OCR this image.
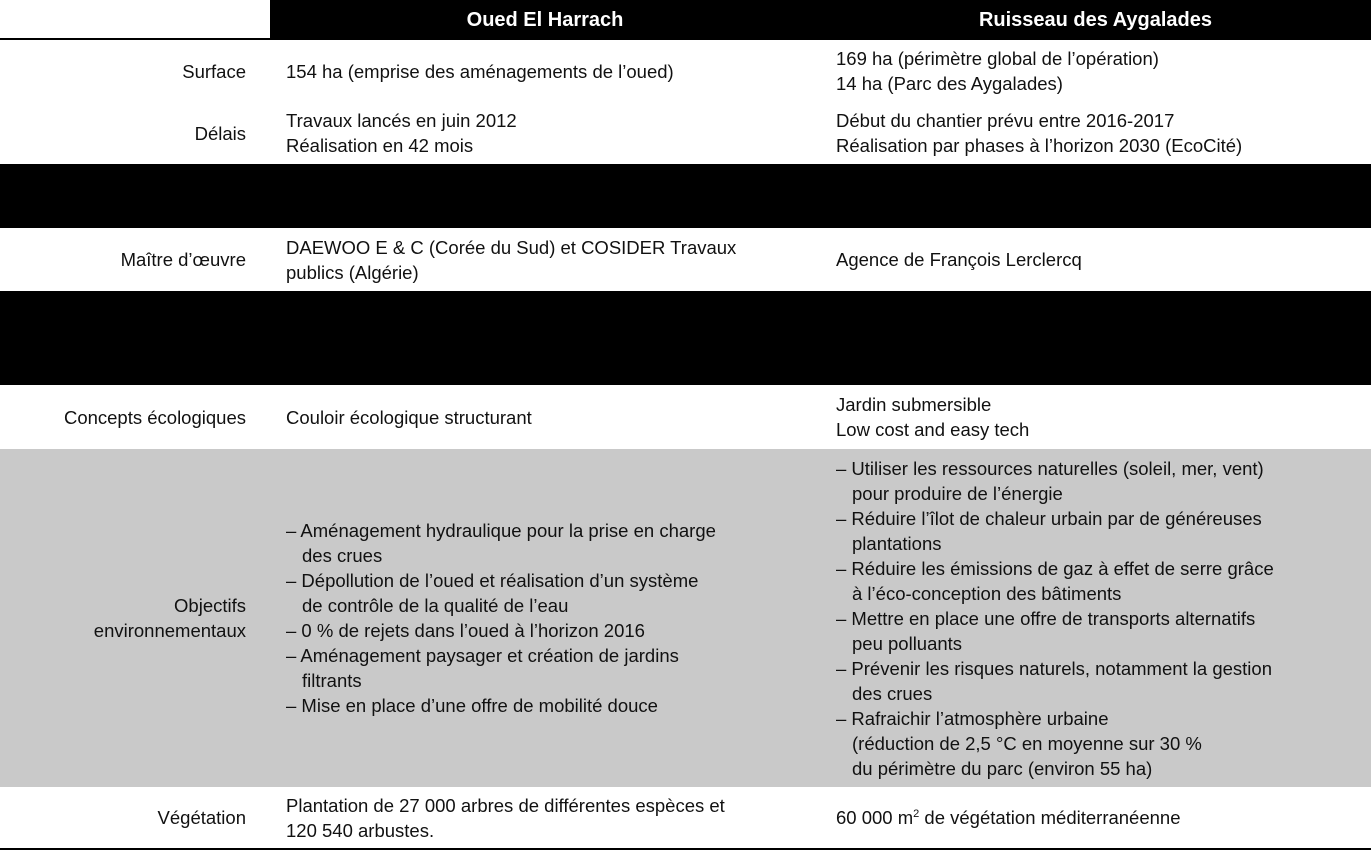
Oued El Harrach	Ruisseau des Aygalades
Surface 154 ha (emprise des aménagements de l’oued)
169 ha (périmètre global de l’opération)
14 ha (Parc des Aygalades)
Délais
Travaux lancés en juin 2012
Réalisation en 42 mois
Début du chantier prévu entre 2016-2017
Réalisation par phases à l’horizon 2030 (EcoCité)
Maître d’œuvre
DAEWOO E & C (Corée du Sud) et COSIDER Travaux
publics (Algérie)
Agence de François Lerclercq
Concepts écologiques Couloir écologique structurant
Jardin submersible
Low cost and easy tech
Objectifs
environnementaux
– Aménagement hydraulique pour la prise en charge
des crues
– Dépollution de l’oued et réalisation d’un système
de contrôle de la qualité de l’eau
– 0 % de rejets dans l’oued à l’horizon 2016
– Aménagement paysager et création de jardins
filtrants
– Mise en place d’une offre de mobilité douce
– Utiliser les ressources naturelles (soleil, mer, vent)
pour produire de l’énergie
– Réduire l’îlot de chaleur urbain par de généreuses
plantations
– Réduire les émissions de gaz à effet de serre grâce
à l’éco-conception des bâtiments
– Mettre en place une offre de transports alternatifs
peu polluants
– Prévenir les risques naturels, notamment la gestion
des crues
– Rafraichir l’atmosphère urbaine
(réduction de 2,5 °C en moyenne sur 30 %
du périmètre du parc (environ 55 ha)
Végétation
Plantation de 27 000 arbres de différentes espèces et
120 540 arbustes.
60 000 $m^2$ de végétation méditerranéenne
